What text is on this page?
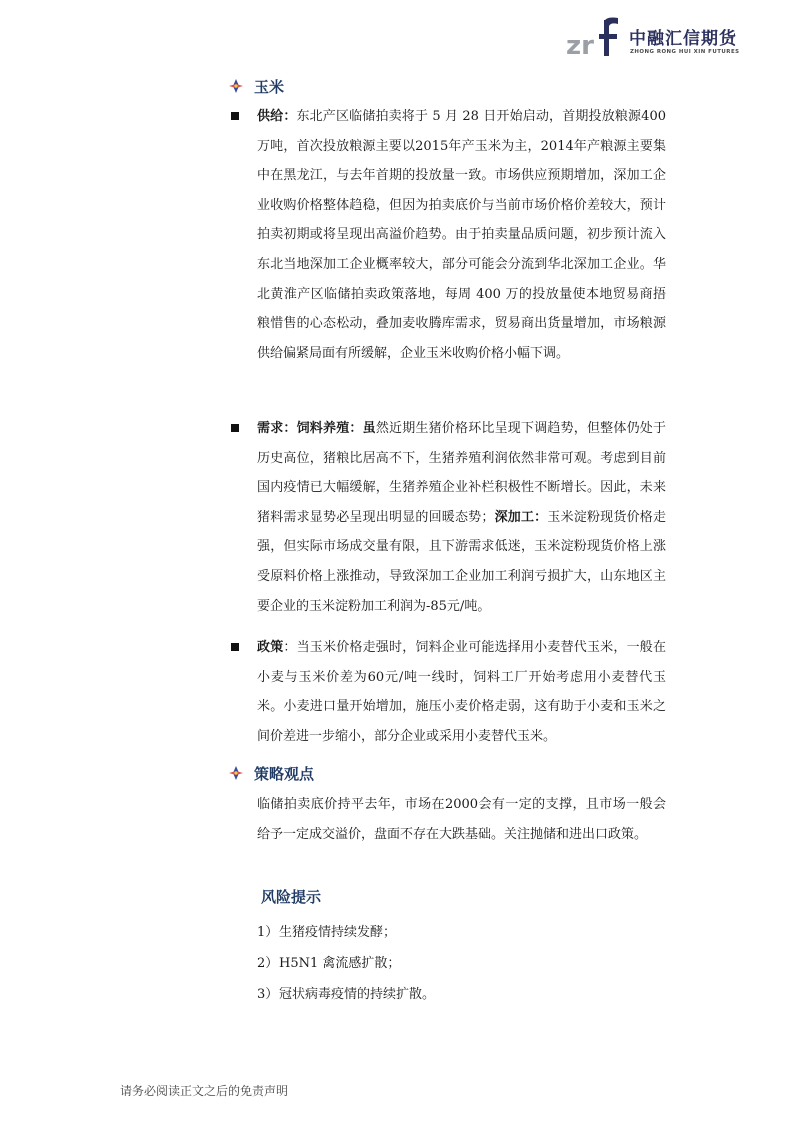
zr 中融汇信期货
ZHONG RONG HUI XIN FUTURES
玉米
供给：东北产区临储拍卖将于 5 月 28 日开始启动，首期投放粮源400万吨，首次投放粮源主要以2015年产玉米为主，2014年产粮源主要集中在黑龙江，与去年首期的投放量一致。市场供应预期增加，深加工企业收购价格整体趋稳，但因为拍卖底价与当前市场价格价差较大，预计拍卖初期或将呈现出高溢价趋势。由于拍卖量品质问题，初步预计流入东北当地深加工企业概率较大，部分可能会分流到华北深加工企业。华北黄淮产区临储拍卖政策落地，每周 400 万的投放量使本地贸易商捂粮惜售的心态松动，叠加麦收腾库需求，贸易商出货量增加，市场粮源供给偏紧局面有所缓解，企业玉米收购价格小幅下调。
需求：饲料养殖：虽然近期生猪价格环比呈现下调趋势，但整体仍处于历史高位，猪粮比居高不下，生猪养殖利润依然非常可观。考虑到目前国内疫情已大幅缓解，生猪养殖企业补栏积极性不断增长。因此，未来猪料需求显势必呈现出明显的回暖态势；深加工：玉米淀粉现货价格走强，但实际市场成交量有限，且下游需求低迷，玉米淀粉现货价格上涨受原料价格上涨推动，导致深加工企业加工利润亏损扩大，山东地区主要企业的玉米淀粉加工利润为-85元/吨。
政策：当玉米价格走强时，饲料企业可能选择用小麦替代玉米，一般在小麦与玉米价差为60元/吨一线时，饲料工厂开始考虑用小麦替代玉米。小麦进口量开始增加，施压小麦价格走弱，这有助于小麦和玉米之间价差进一步缩小，部分企业或采用小麦替代玉米。
策略观点
临储拍卖底价持平去年，市场在2000会有一定的支撑，且市场一般会给予一定成交溢价，盘面不存在大跌基础。关注抛储和进出口政策。
风险提示
1）生猪疫情持续发酵；
2）H5N1 禽流感扩散；
3）冠状病毒疫情的持续扩散。
请务必阅读正文之后的免责声明
